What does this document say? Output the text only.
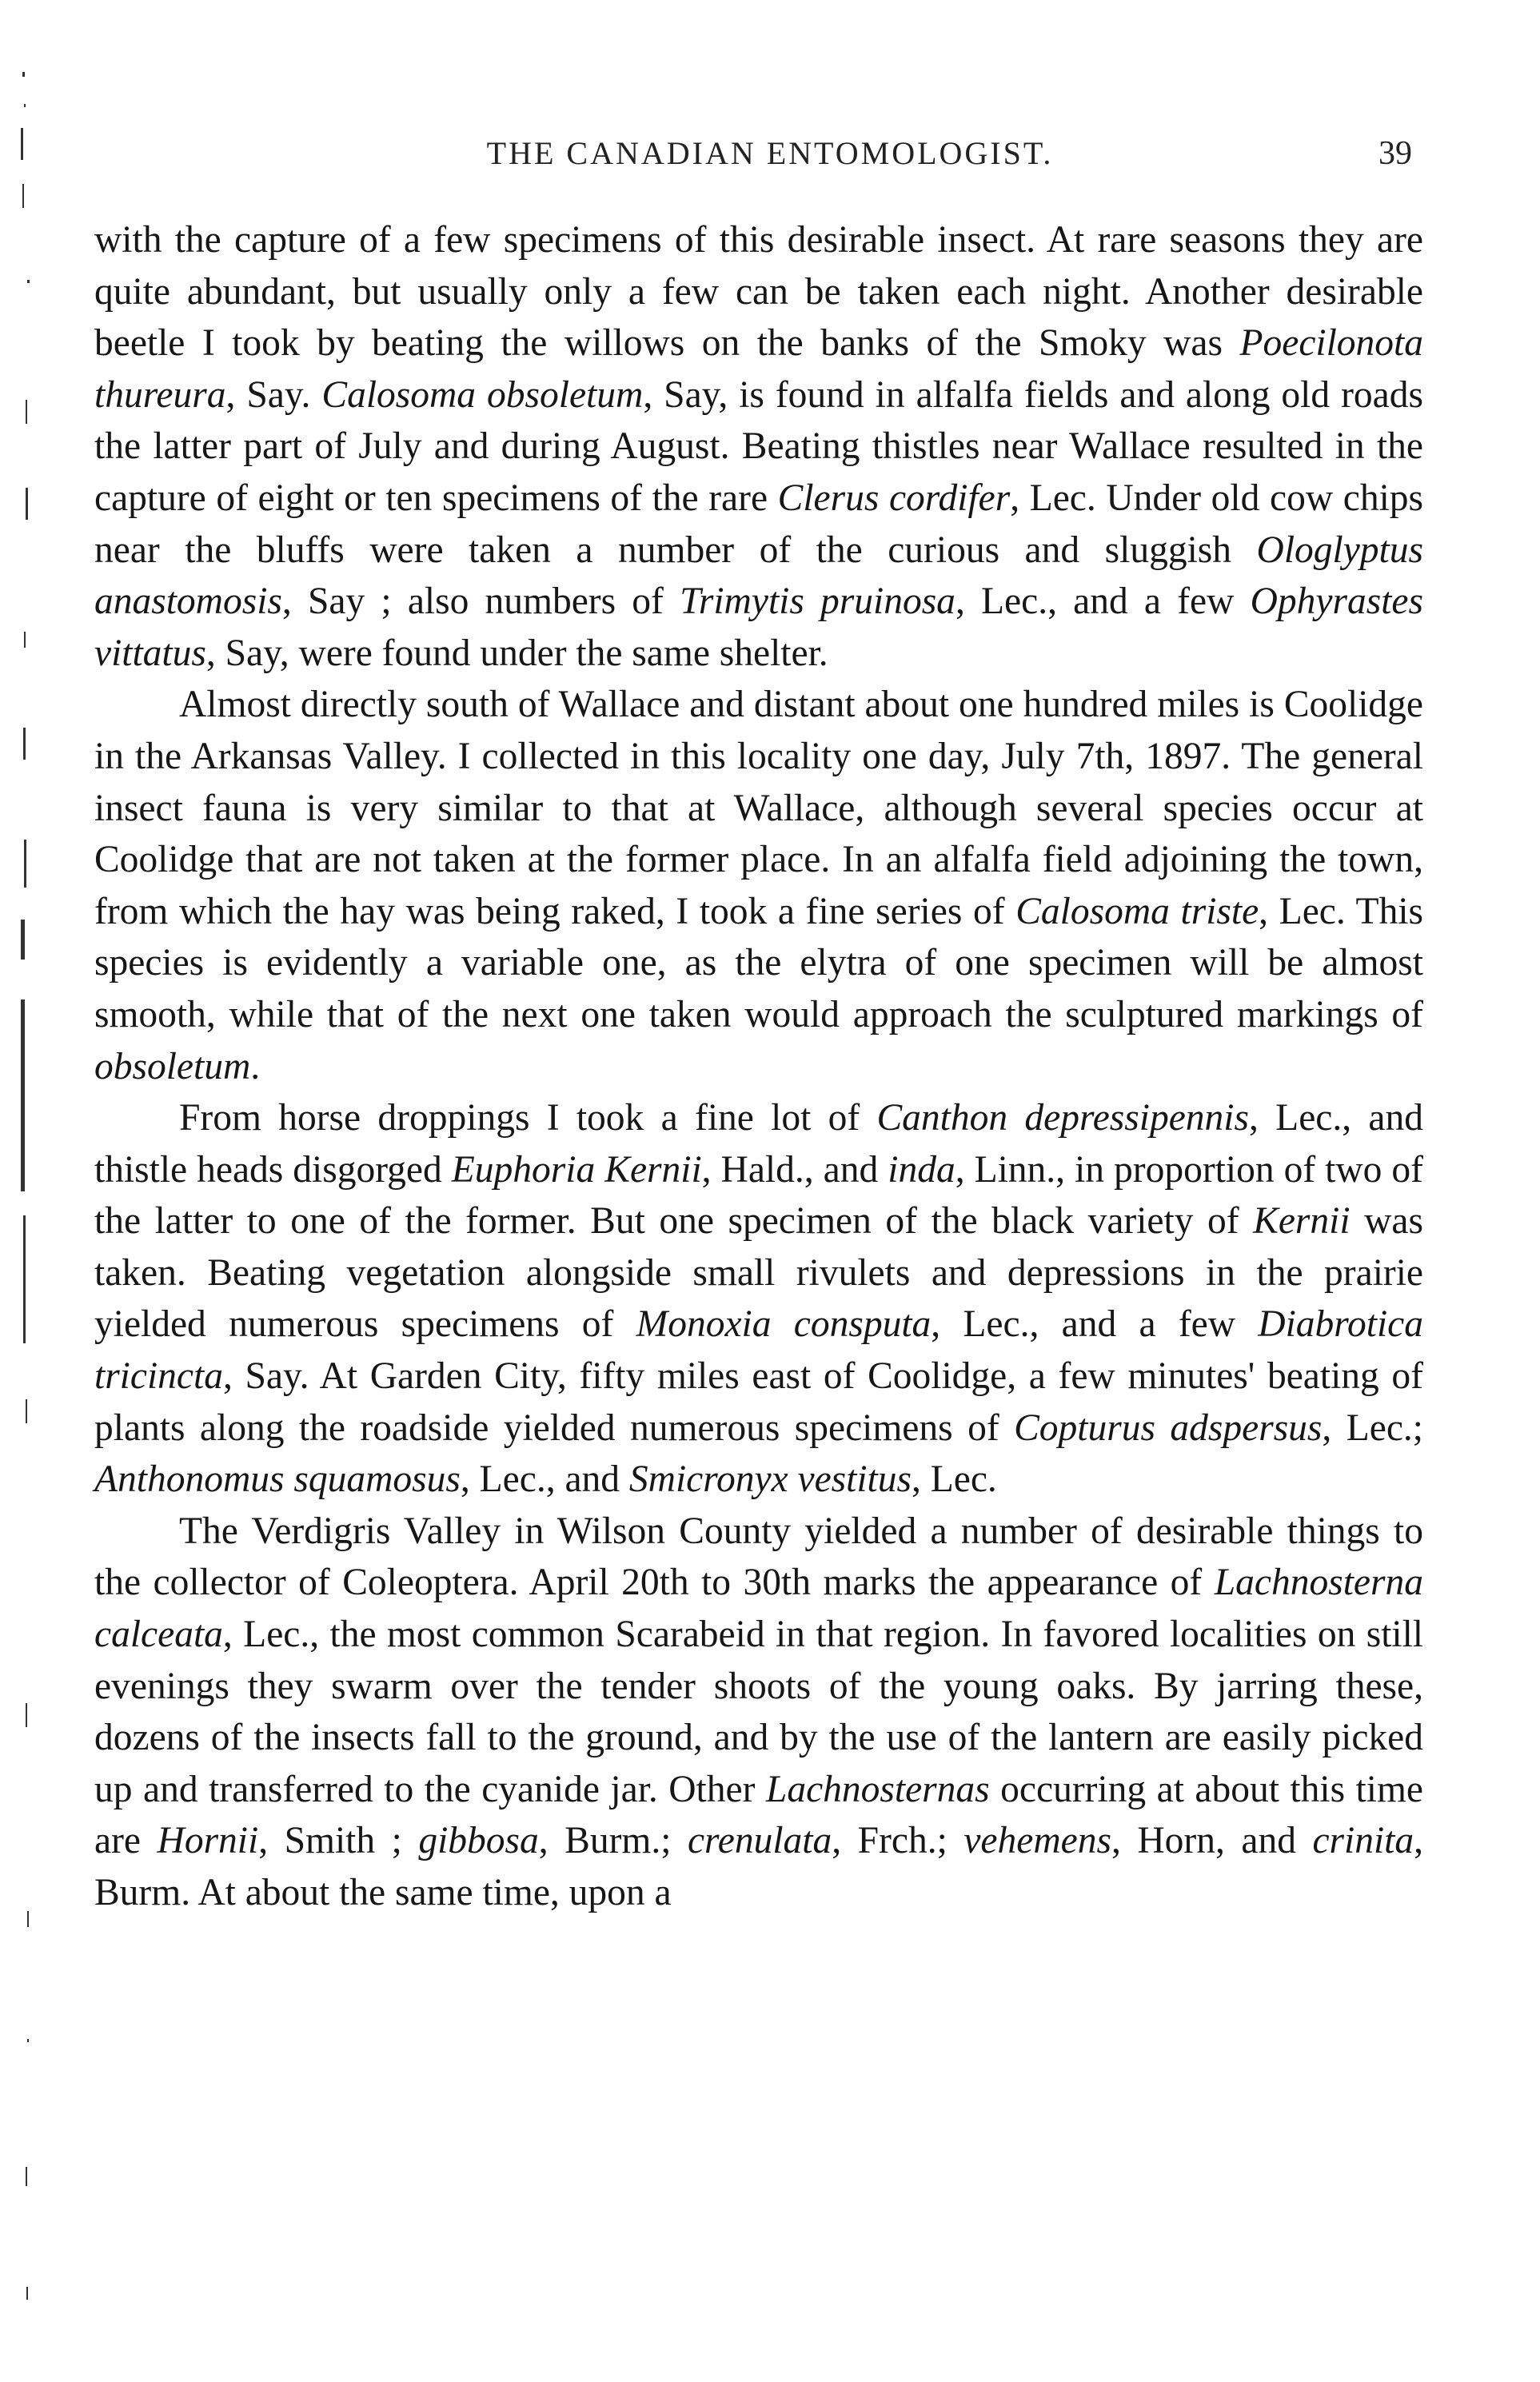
THE CANADIAN ENTOMOLOGIST.	39

with the capture of a few specimens of this desirable insect. At rare seasons they are quite abundant, but usually only a few can be taken each night. Another desirable beetle I took by beating the willows on the banks of the Smoky was Poecilonota thureura, Say. Calosoma obsoletum, Say, is found in alfalfa fields and along old roads the latter part of July and during August. Beating thistles near Wallace resulted in the capture of eight or ten specimens of the rare Clerus cordifer, Lec. Under old cow chips near the bluffs were taken a number of the curious and sluggish Ologlyptus anastomosis, Say ; also numbers of Trimytis pruinosa, Lec., and a few Ophyrastes vittatus, Say, were found under the same shelter.

Almost directly south of Wallace and distant about one hundred miles is Coolidge in the Arkansas Valley. I collected in this locality one day, July 7th, 1897. The general insect fauna is very similar to that at Wallace, although several species occur at Coolidge that are not taken at the former place. In an alfalfa field adjoining the town, from which the hay was being raked, I took a fine series of Calosoma triste, Lec. This species is evidently a variable one, as the elytra of one specimen will be almost smooth, while that of the next one taken would approach the sculptured markings of obsoletum.

From horse droppings I took a fine lot of Canthon depressipennis, Lec., and thistle heads disgorged Euphoria Kernii, Hald., and inda, Linn., in proportion of two of the latter to one of the former. But one specimen of the black variety of Kernii was taken. Beating vegetation alongside small rivulets and depressions in the prairie yielded numerous specimens of Monoxia consputa, Lec., and a few Diabrotica tricincta, Say. At Garden City, fifty miles east of Coolidge, a few minutes' beating of plants along the roadside yielded numerous specimens of Copturus adspersus, Lec.; Anthonomus squamosus, Lec., and Smicronyx vestitus, Lec.

The Verdigris Valley in Wilson County yielded a number of desirable things to the collector of Coleoptera. April 20th to 30th marks the appearance of Lachnosterna calceata, Lec., the most common Scarabeid in that region. In favored localities on still evenings they swarm over the tender shoots of the young oaks. By jarring these, dozens of the insects fall to the ground, and by the use of the lantern are easily picked up and transferred to the cyanide jar. Other Lachnosternas occurring at about this time are Hornii, Smith ; gibbosa, Burm.; crenulata, Frch.; vehemens, Horn, and crinita, Burm. At about the same time, upon a
